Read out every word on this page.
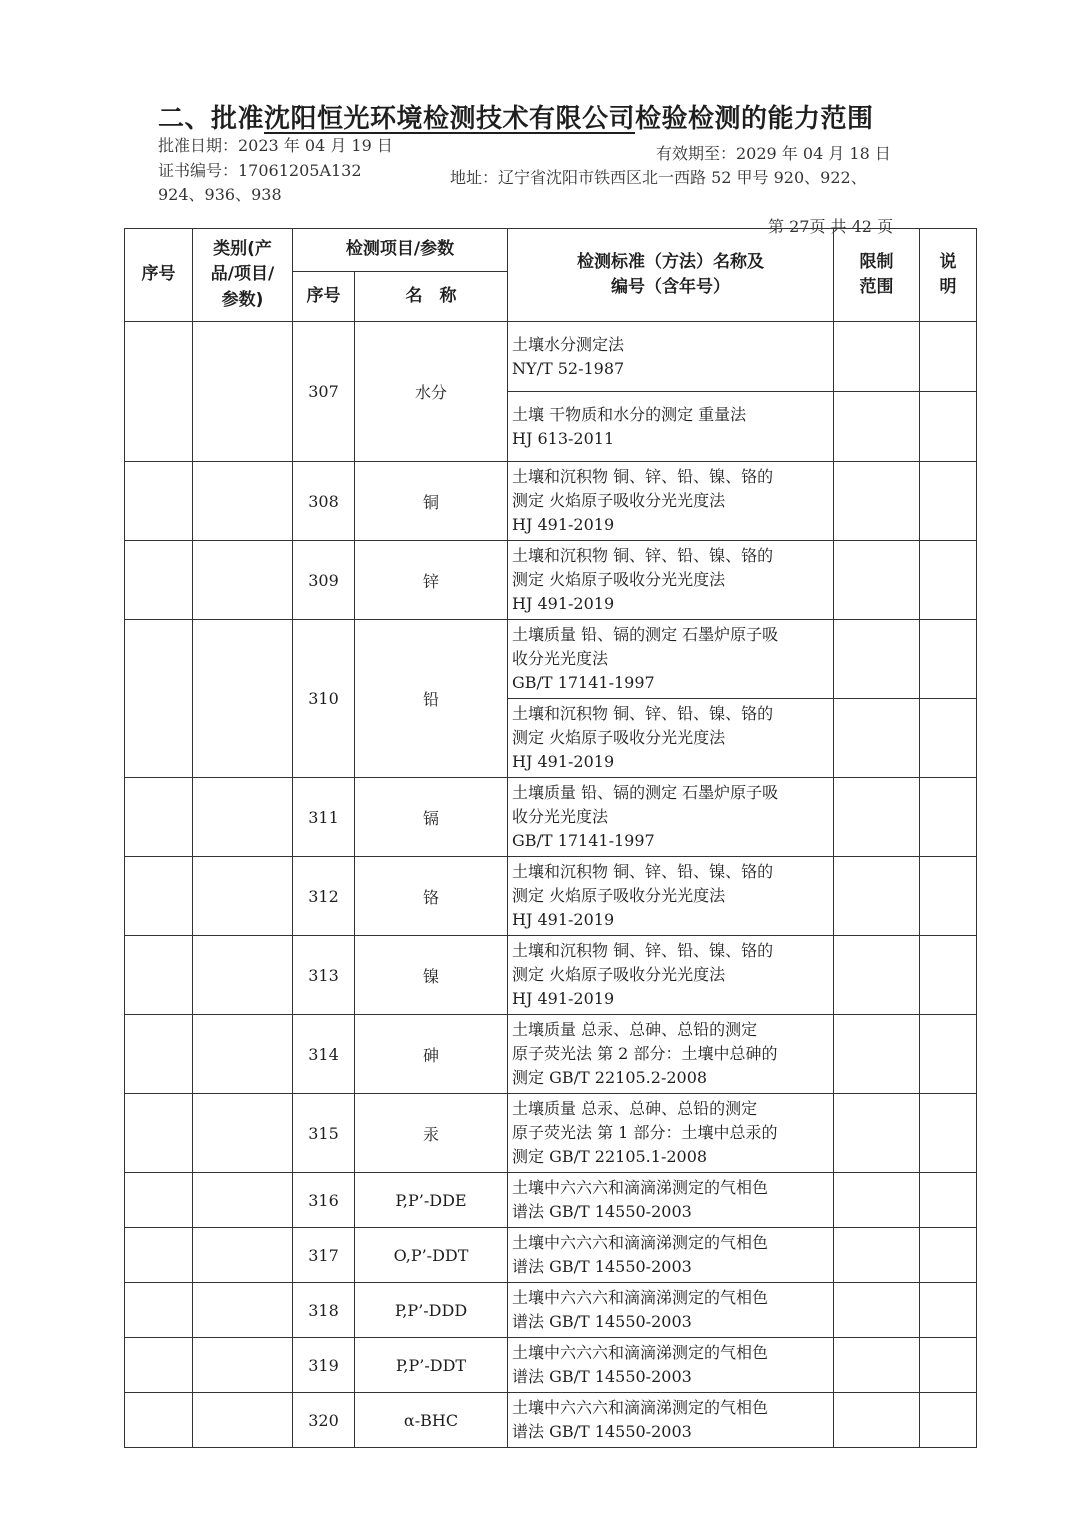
二、批准沈阳恒光环境检测技术有限公司检验检测的能力范围
批准日期：2023 年 04 月 19 日	有效期至：2029 年 04 月 18 日
证书编号：17061205A132	地址：辽宁省沈阳市铁西区北一西路 52 甲号 920、922、
924、936、938
第 27页 共 42 页
序号	类别(产
品/项目/
参数)	检测项目/参数		检测标准（方法）名称及
编号（含年号）	限制
范围	说
明

		序号	名　称			
		307	水分	土壤水分测定法
NY/T 52-1987		

				土壤 干物质和水分的测定 重量法
HJ 613-2011		

		308	铜	土壤和沉积物 铜、锌、铅、镍、铬的
测定 火焰原子吸收分光光度法
HJ 491-2019		

		309	锌	土壤和沉积物 铜、锌、铅、镍、铬的
测定 火焰原子吸收分光光度法
HJ 491-2019		

		310	铅	土壤质量 铅、镉的测定 石墨炉原子吸
收分光光度法
GB/T 17141-1997		

				土壤和沉积物 铜、锌、铅、镍、铬的
测定 火焰原子吸收分光光度法
HJ 491-2019		

		311	镉	土壤质量 铅、镉的测定 石墨炉原子吸
收分光光度法
GB/T 17141-1997		

		312	铬	土壤和沉积物 铜、锌、铅、镍、铬的
测定 火焰原子吸收分光光度法
HJ 491-2019		

		313	镍	土壤和沉积物 铜、锌、铅、镍、铬的
测定 火焰原子吸收分光光度法
HJ 491-2019		

		314	砷	土壤质量 总汞、总砷、总铅的测定
原子荧光法 第 2 部分：土壤中总砷的
测定 GB/T 22105.2-2008		

		315	汞	土壤质量 总汞、总砷、总铅的测定
原子荧光法 第 1 部分：土壤中总汞的
测定 GB/T 22105.1-2008		

		316	P,P’-DDE	土壤中六六六和滴滴涕测定的气相色
谱法 GB/T 14550-2003		

		317	O,P’-DDT	土壤中六六六和滴滴涕测定的气相色
谱法 GB/T 14550-2003		

		318	P,P’-DDD	土壤中六六六和滴滴涕测定的气相色
谱法 GB/T 14550-2003		

		319	P,P’-DDT	土壤中六六六和滴滴涕测定的气相色
谱法 GB/T 14550-2003		

		320	α-BHC	土壤中六六六和滴滴涕测定的气相色
谱法 GB/T 14550-2003		
